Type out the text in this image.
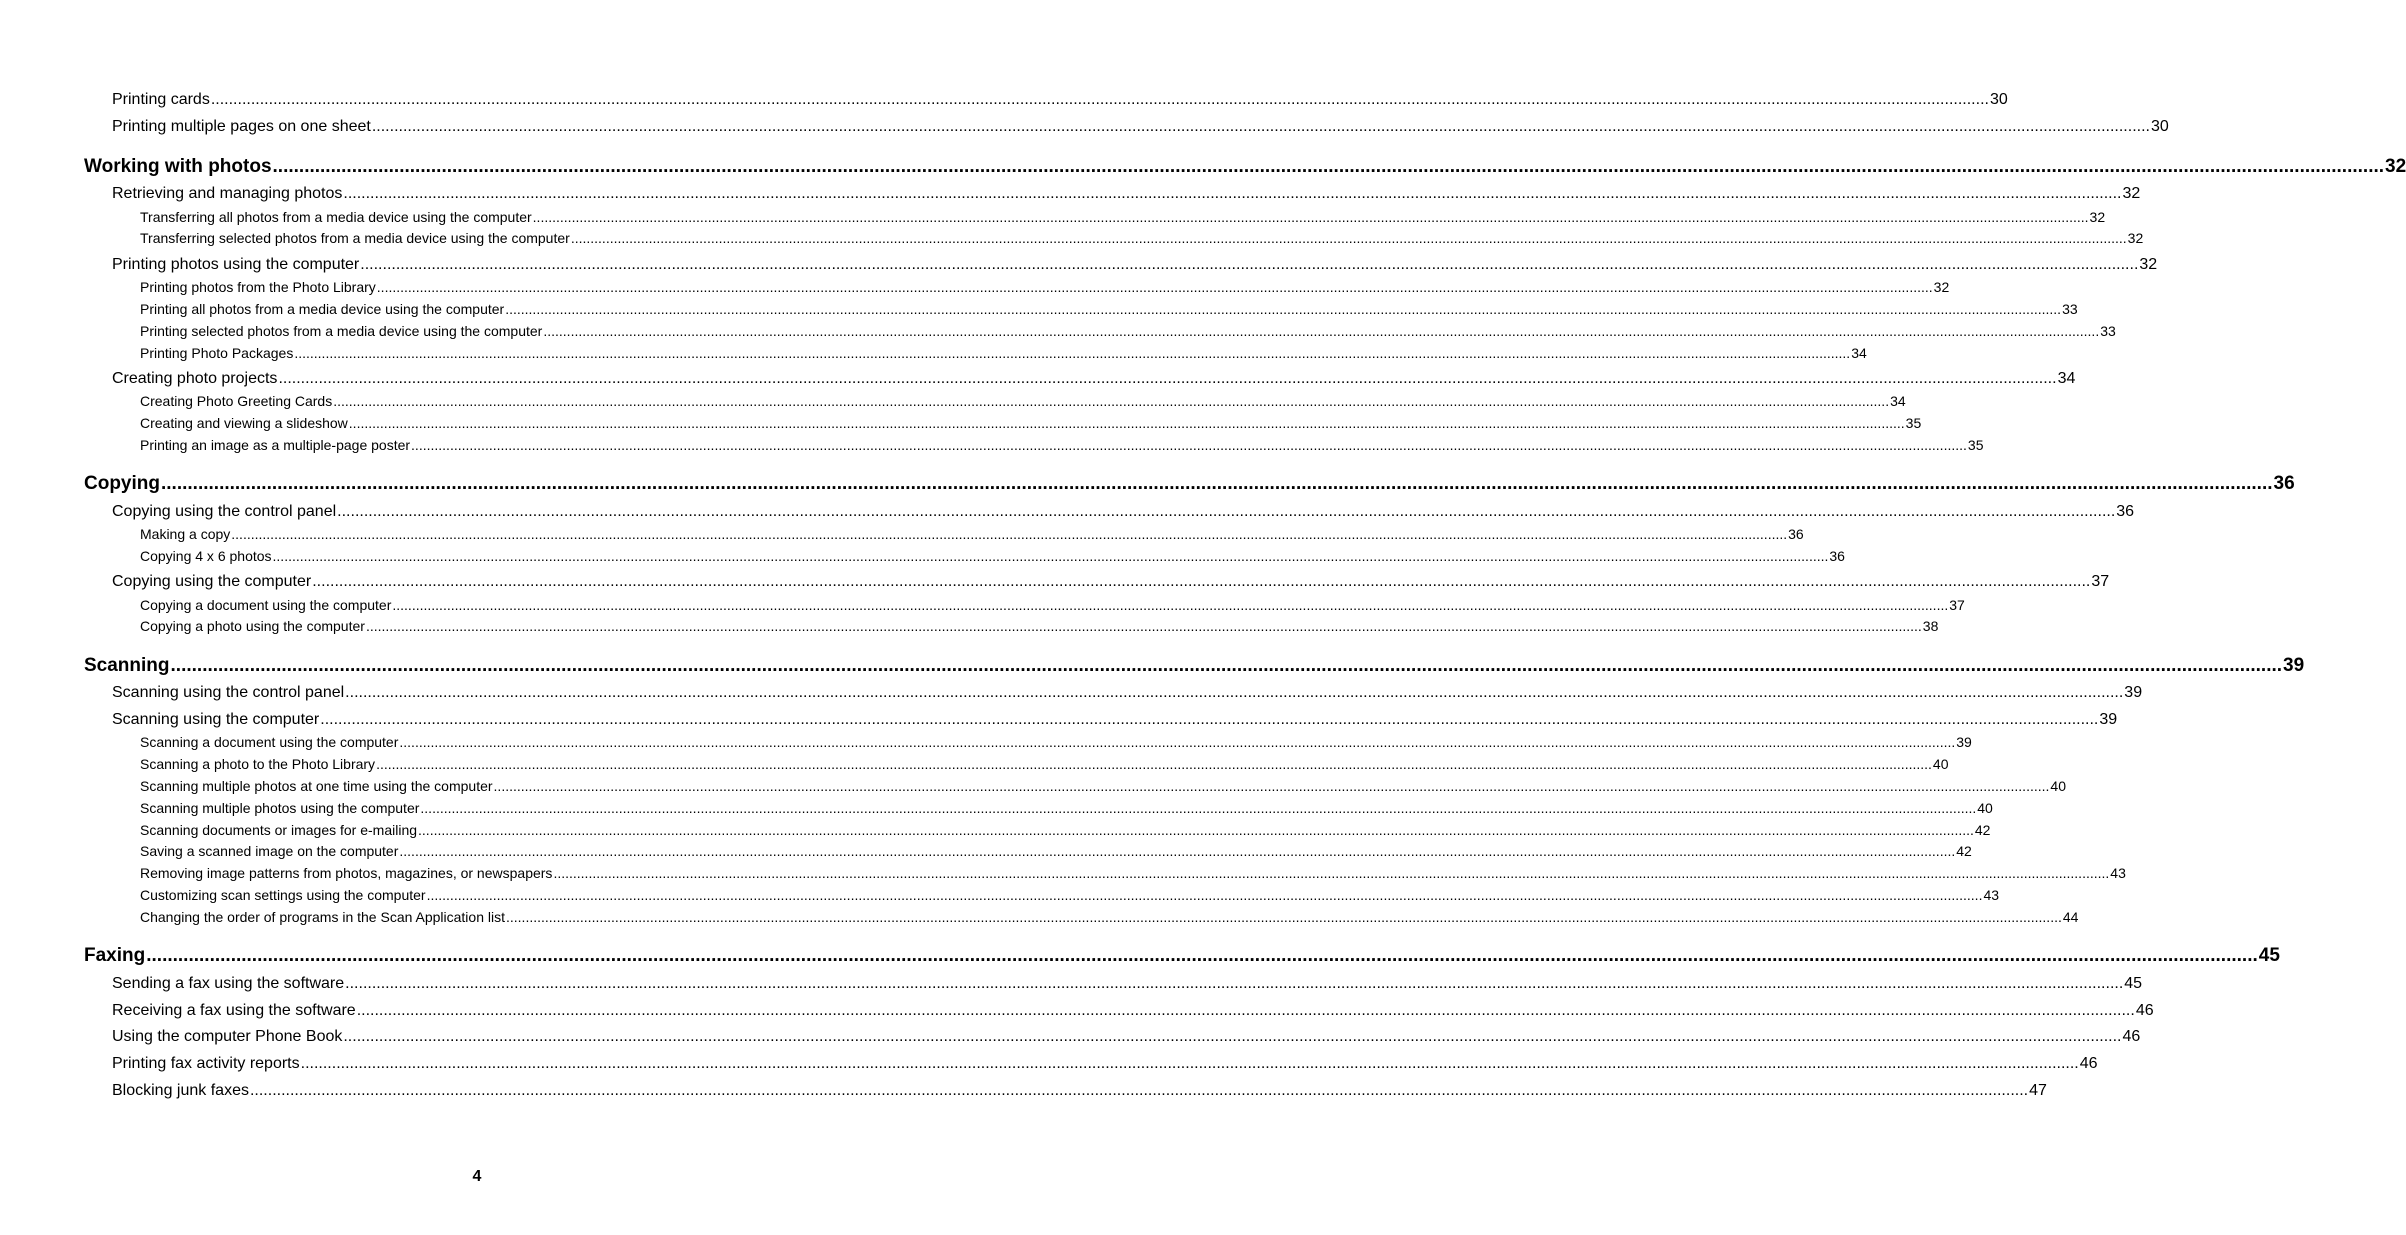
Printing cards ................................................................................................................................................................................................................................................................................................................................................................................................................ 30
Printing multiple pages on one sheet ................................................................................................................................................................................................................................................................................................................................................................................................................ 30
Working with photos ................................................................................................................................................................................................................................................................................................................................................................................................................ 32
Retrieving and managing photos ................................................................................................................................................................................................................................................................................................................................................................................................................ 32
Transferring all photos from a media device using the computer ................................................................................................................................................................................................................................................................................................................................................................................................................ 32
Transferring selected photos from a media device using the computer ................................................................................................................................................................................................................................................................................................................................................................................................................ 32
Printing photos using the computer ................................................................................................................................................................................................................................................................................................................................................................................................................ 32
Printing photos from the Photo Library ................................................................................................................................................................................................................................................................................................................................................................................................................ 32
Printing all photos from a media device using the computer ................................................................................................................................................................................................................................................................................................................................................................................................................ 33
Printing selected photos from a media device using the computer ................................................................................................................................................................................................................................................................................................................................................................................................................ 33
Printing Photo Packages ................................................................................................................................................................................................................................................................................................................................................................................................................ 34
Creating photo projects ................................................................................................................................................................................................................................................................................................................................................................................................................ 34
Creating Photo Greeting Cards ................................................................................................................................................................................................................................................................................................................................................................................................................ 34
Creating and viewing a slideshow ................................................................................................................................................................................................................................................................................................................................................................................................................ 35
Printing an image as a multiple-page poster ................................................................................................................................................................................................................................................................................................................................................................................................................ 35
Copying ................................................................................................................................................................................................................................................................................................................................................................................................................ 36
Copying using the control panel ................................................................................................................................................................................................................................................................................................................................................................................................................ 36
Making a copy ................................................................................................................................................................................................................................................................................................................................................................................................................ 36
Copying 4 x 6 photos ................................................................................................................................................................................................................................................................................................................................................................................................................ 36
Copying using the computer ................................................................................................................................................................................................................................................................................................................................................................................................................ 37
Copying a document using the computer ................................................................................................................................................................................................................................................................................................................................................................................................................ 37
Copying a photo using the computer ................................................................................................................................................................................................................................................................................................................................................................................................................ 38
Scanning ................................................................................................................................................................................................................................................................................................................................................................................................................ 39
Scanning using the control panel ................................................................................................................................................................................................................................................................................................................................................................................................................ 39
Scanning using the computer ................................................................................................................................................................................................................................................................................................................................................................................................................ 39
Scanning a document using the computer ................................................................................................................................................................................................................................................................................................................................................................................................................ 39
Scanning a photo to the Photo Library ................................................................................................................................................................................................................................................................................................................................................................................................................ 40
Scanning multiple photos at one time using the computer ................................................................................................................................................................................................................................................................................................................................................................................................................ 40
Scanning multiple photos using the computer ................................................................................................................................................................................................................................................................................................................................................................................................................ 40
Scanning documents or images for e-mailing ................................................................................................................................................................................................................................................................................................................................................................................................................ 42
Saving a scanned image on the computer ................................................................................................................................................................................................................................................................................................................................................................................................................ 42
Removing image patterns from photos, magazines, or newspapers ................................................................................................................................................................................................................................................................................................................................................................................................................ 43
Customizing scan settings using the computer ................................................................................................................................................................................................................................................................................................................................................................................................................ 43
Changing the order of programs in the Scan Application list ................................................................................................................................................................................................................................................................................................................................................................................................................ 44
Faxing ................................................................................................................................................................................................................................................................................................................................................................................................................ 45
Sending a fax using the software ................................................................................................................................................................................................................................................................................................................................................................................................................ 45
Receiving a fax using the software ................................................................................................................................................................................................................................................................................................................................................................................................................ 46
Using the computer Phone Book ................................................................................................................................................................................................................................................................................................................................................................................................................ 46
Printing fax activity reports ................................................................................................................................................................................................................................................................................................................................................................................................................ 46
Blocking junk faxes ................................................................................................................................................................................................................................................................................................................................................................................................................ 47
4
